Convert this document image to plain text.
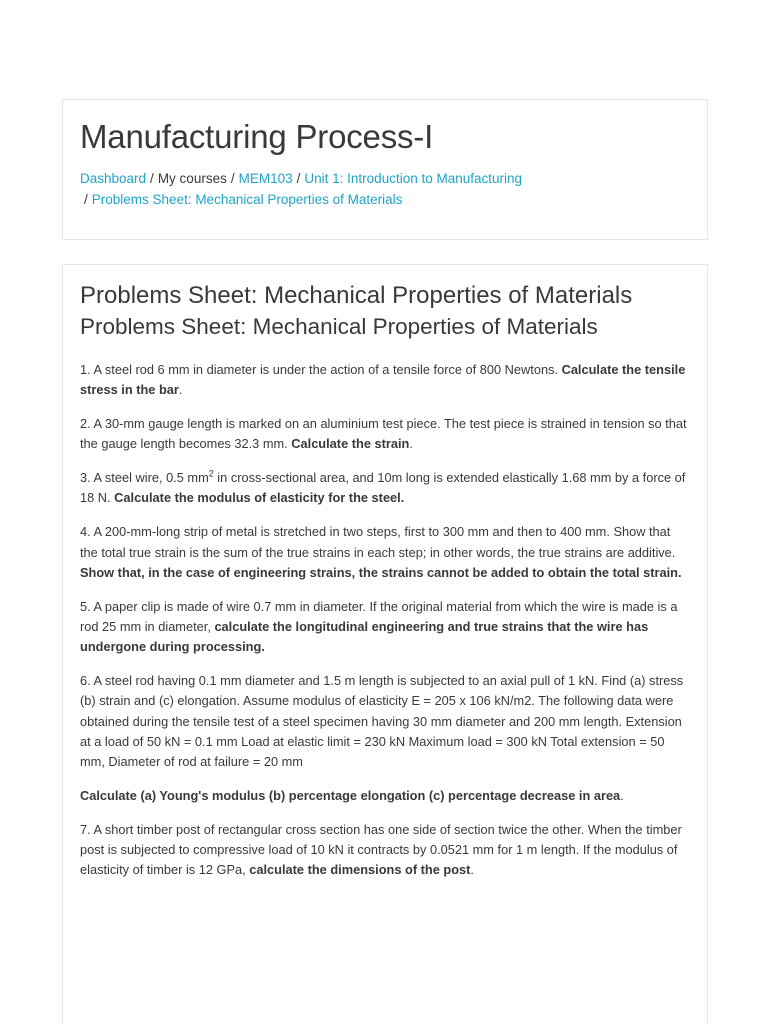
Manufacturing Process-I
Dashboard / My courses / MEM103 / Unit 1: Introduction to Manufacturing
/ Problems Sheet: Mechanical Properties of Materials
Problems Sheet: Mechanical Properties of Materials
Problems Sheet: Mechanical Properties of Materials

1. A steel rod 6 mm in diameter is under the action of a tensile force of 800 Newtons. Calculate the tensile stress in the bar.

2. A 30-mm gauge length is marked on an aluminium test piece. The test piece is strained in tension so that the gauge length becomes 32.3 mm. Calculate the strain.

3. A steel wire, 0.5 $mm^2$ in cross-sectional area, and 10m long is extended elastically 1.68 mm by a force of 18 N. Calculate the modulus of elasticity for the steel.

4. A 200-mm-long strip of metal is stretched in two steps, first to 300 mm and then to 400 mm. Show that the total true strain is the sum of the true strains in each step; in other words, the true strains are additive. Show that, in the case of engineering strains, the strains cannot be added to obtain the total strain.

5. A paper clip is made of wire 0.7 mm in diameter. If the original material from which the wire is made is a rod 25 mm in diameter, calculate the longitudinal engineering and true strains that the wire has undergone during processing.

6. A steel rod having 0.1 mm diameter and 1.5 m length is subjected to an axial pull of 1 kN. Find (a) stress (b) strain and (c) elongation. Assume modulus of elasticity E = 205 x 106 kN/m2. The following data were obtained during the tensile test of a steel specimen having 30 mm diameter and 200 mm length. Extension at a load of 50 kN = 0.1 mm Load at elastic limit = 230 kN Maximum load = 300 kN Total extension = 50 mm, Diameter of rod at failure = 20 mm

Calculate (a) Young's modulus (b) percentage elongation (c) percentage decrease in area.

7. A short timber post of rectangular cross section has one side of section twice the other. When the timber post is subjected to compressive load of 10 kN it contracts by 0.0521 mm for 1 m length. If the modulus of elasticity of timber is 12 GPa, calculate the dimensions of the post.
